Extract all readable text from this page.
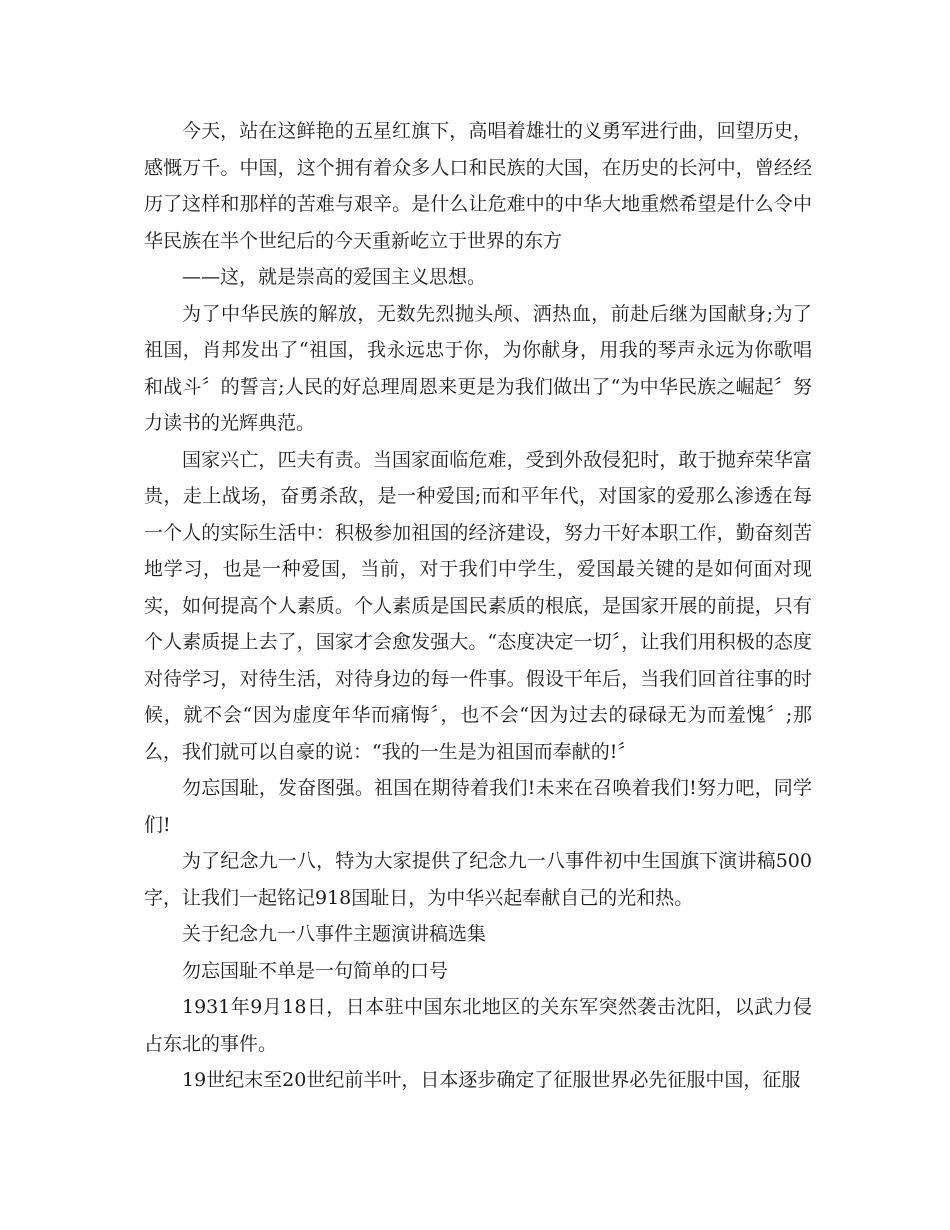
今天，站在这鲜艳的五星红旗下，高唱着雄壮的义勇军进行曲，回望历史，感慨万千。中国，这个拥有着众多人口和民族的大国，在历史的长河中，曾经经历了这样和那样的苦难与艰辛。是什么让危难中的中华大地重燃希望是什么令中华民族在半个世纪后的今天重新屹立于世界的东方

——这，就是崇高的爱国主义思想。

为了中华民族的解放，无数先烈抛头颅、洒热血，前赴后继为国献身;为了祖国，肖邦发出了“祖国，我永远忠于你，为你献身，用我的琴声永远为你歌唱和战斗〞的誓言;人民的好总理周恩来更是为我们做出了“为中华民族之崛起〞努力读书的光辉典范。

国家兴亡，匹夫有责。当国家面临危难，受到外敌侵犯时，敢于抛弃荣华富贵，走上战场，奋勇杀敌，是一种爱国;而和平年代，对国家的爱那么渗透在每一个人的实际生活中：积极参加祖国的经济建设，努力干好本职工作，勤奋刻苦地学习，也是一种爱国，当前，对于我们中学生，爱国最关键的是如何面对现实，如何提高个人素质。个人素质是国民素质的根底，是国家开展的前提，只有个人素质提上去了，国家才会愈发强大。“态度决定一切〞，让我们用积极的态度对待学习，对待生活，对待身边的每一件事。假设干年后，当我们回首往事的时候，就不会“因为虚度年华而痛悔〞，也不会“因为过去的碌碌无为而羞愧〞;那么，我们就可以自豪的说：“我的一生是为祖国而奉献的!〞

勿忘国耻，发奋图强。祖国在期待着我们!未来在召唤着我们!努力吧，同学们!

为了纪念九一八，特为大家提供了纪念九一八事件初中生国旗下演讲稿500字，让我们一起铭记918国耻日，为中华兴起奉献自己的光和热。

关于纪念九一八事件主题演讲稿选集

勿忘国耻不单是一句简单的口号

1931年9月18日，日本驻中国东北地区的关东军突然袭击沈阳，以武力侵占东北的事件。

19世纪末至20世纪前半叶，日本逐步确定了征服世界必先征服中国，征服
